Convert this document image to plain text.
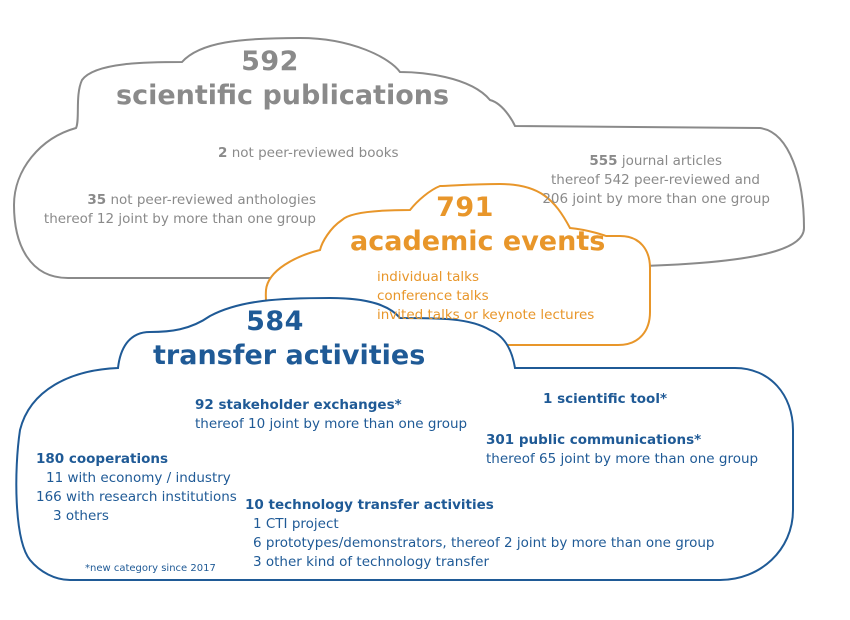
592
scientific publications
2 not peer-reviewed books
35 not peer-reviewed anthologies
thereof 12 joint by more than one group
555 journal articles
thereof 542 peer-reviewed and
206 joint by more than one group
791
academic events
individual talks
conference talks
invited talks or keynote lectures
584
transfer activities
92 stakeholder exchanges*
thereof 10 joint by more than one group
1 scientific tool*
301 public communications*
thereof 65 joint by more than one group
180 cooperations
11 with economy / industry
166 with research institutions
3 others
10 technology transfer activities
1 CTI project
6 prototypes/demonstrators, thereof 2 joint by more than one group
3 other kind of technology transfer
*new category since 2017
